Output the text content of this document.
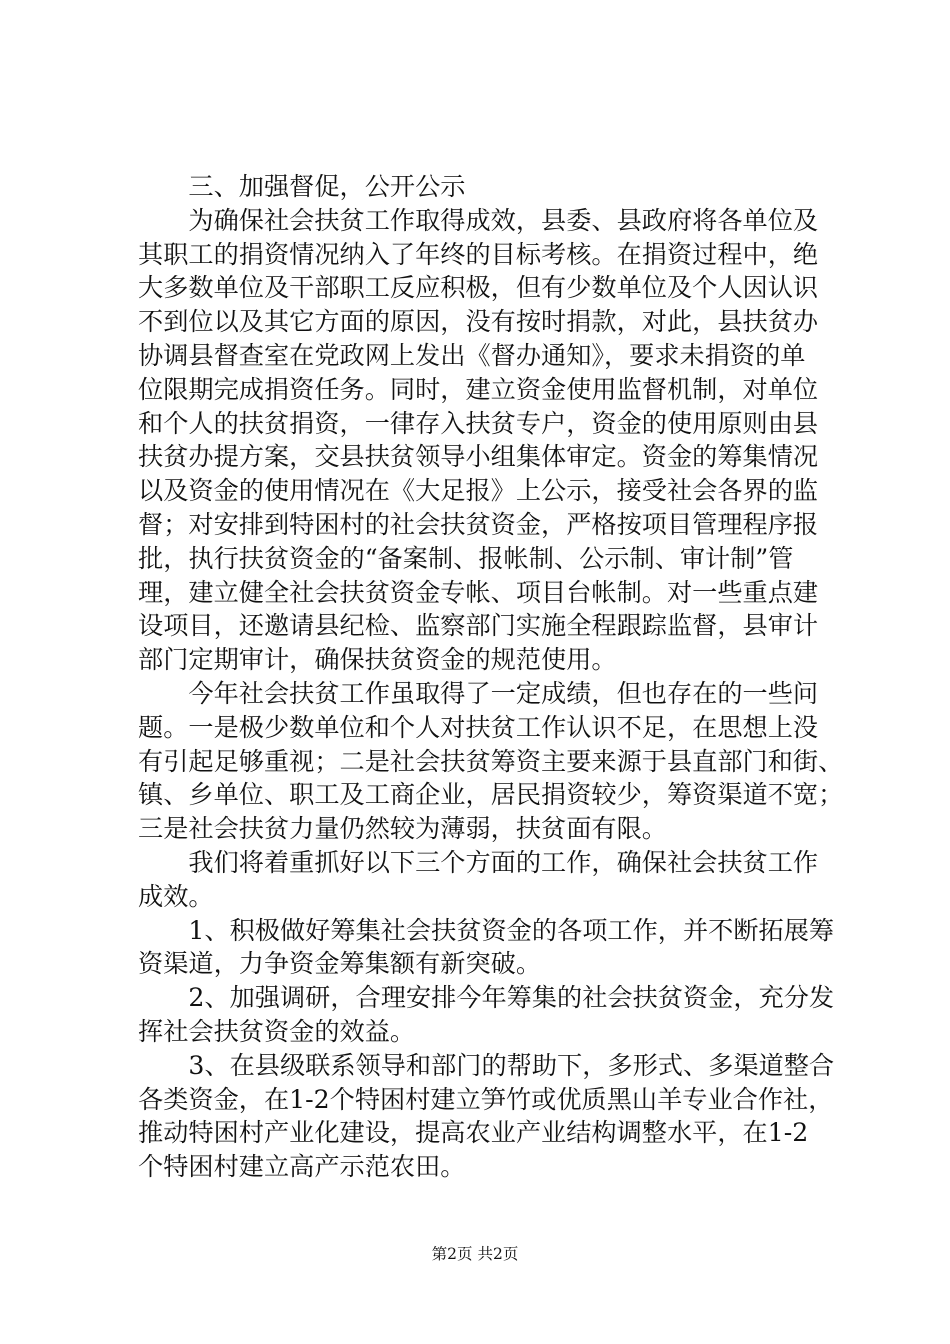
　　三、加强督促，公开公示
　　为确保社会扶贫工作取得成效，县委、县政府将各单位及
其职工的捐资情况纳入了年终的目标考核。在捐资过程中，绝
大多数单位及干部职工反应积极，但有少数单位及个人因认识
不到位以及其它方面的原因，没有按时捐款，对此，县扶贫办
协调县督查室在党政网上发出《督办通知》，要求未捐资的单
位限期完成捐资任务。同时，建立资金使用监督机制，对单位
和个人的扶贫捐资，一律存入扶贫专户，资金的使用原则由县
扶贫办提方案，交县扶贫领导小组集体审定。资金的筹集情况
以及资金的使用情况在《大足报》上公示，接受社会各界的监
督；对安排到特困村的社会扶贫资金，严格按项目管理程序报
批，执行扶贫资金的“备案制、报帐制、公示制、审计制”管
理，建立健全社会扶贫资金专帐、项目台帐制。对一些重点建
设项目，还邀请县纪检、监察部门实施全程跟踪监督，县审计
部门定期审计，确保扶贫资金的规范使用。
　　今年社会扶贫工作虽取得了一定成绩，但也存在的一些问
题。一是极少数单位和个人对扶贫工作认识不足，在思想上没
有引起足够重视；二是社会扶贫筹资主要来源于县直部门和街、
镇、乡单位、职工及工商企业，居民捐资较少，筹资渠道不宽；
三是社会扶贫力量仍然较为薄弱，扶贫面有限。
　　我们将着重抓好以下三个方面的工作，确保社会扶贫工作
成效。
　　1、积极做好筹集社会扶贫资金的各项工作，并不断拓展筹
资渠道，力争资金筹集额有新突破。
　　2、加强调研，合理安排今年筹集的社会扶贫资金，充分发
挥社会扶贫资金的效益。
　　3、在县级联系领导和部门的帮助下，多形式、多渠道整合
各类资金，在1-2个特困村建立笋竹或优质黑山羊专业合作社，
推动特困村产业化建设，提高农业产业结构调整水平，在1-2
个特困村建立高产示范农田。
第2页 共2页
